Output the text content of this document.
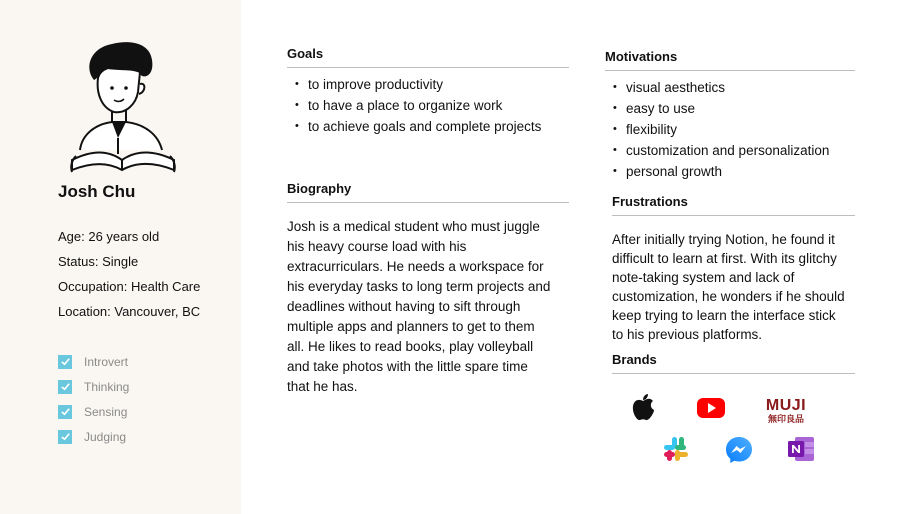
Josh Chu
Age: 26 years old
Status: Single
Occupation: Health Care
Location: Vancouver, BC
Introvert
Thinking
Sensing
Judging
Goals
• to improve productivity
• to have a place to organize work
• to achieve goals and complete projects
Biography
Josh is a medical student who must juggle
his heavy course load with his
extracurriculars. He needs a workspace for
his everyday tasks to long term projects and
deadlines without having to sift through
multiple apps and planners to get to them
all. He likes to read books, play volleyball
and take photos with the little spare time
that he has.
Motivations
• visual aesthetics
• easy to use
• flexibility
• customization and personalization
• personal growth
Frustrations
After initially trying Notion, he found it
difficult to learn at first. With its glitchy
note-taking system and lack of
customization, he wonders if he should
keep trying to learn the interface stick
to his previous platforms.
Brands
MUJI
無印良品
